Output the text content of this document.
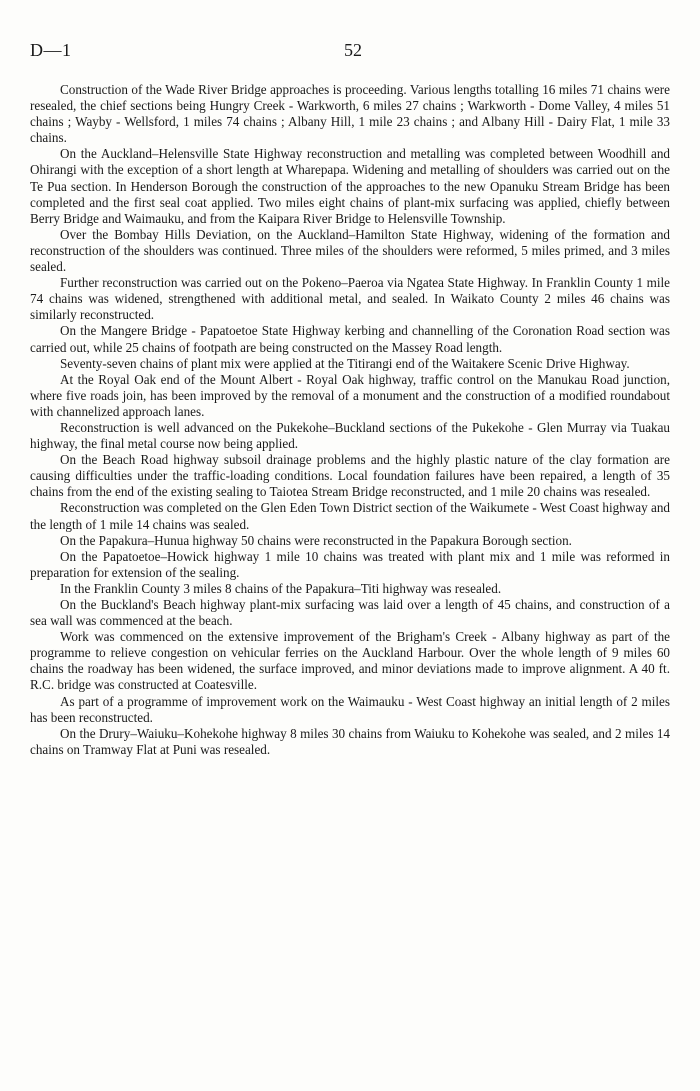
D—1	52

Construction of the Wade River Bridge approaches is proceeding. Various lengths totalling 16 miles 71 chains were resealed, the chief sections being Hungry Creek - Warkworth, 6 miles 27 chains ; Warkworth - Dome Valley, 4 miles 51 chains ; Wayby - Wellsford, 1 miles 74 chains ; Albany Hill, 1 mile 23 chains ; and Albany Hill - Dairy Flat, 1 mile 33 chains.

On the Auckland–Helensville State Highway reconstruction and metalling was completed between Woodhill and Ohirangi with the exception of a short length at Wharepapa. Widening and metalling of shoulders was carried out on the Te Pua section. In Henderson Borough the construction of the approaches to the new Opanuku Stream Bridge has been completed and the first seal coat applied. Two miles eight chains of plant-mix surfacing was applied, chiefly between Berry Bridge and Waimauku, and from the Kaipara River Bridge to Helensville Township.

Over the Bombay Hills Deviation, on the Auckland–Hamilton State Highway, widening of the formation and reconstruction of the shoulders was continued. Three miles of the shoulders were reformed, 5 miles primed, and 3 miles sealed.

Further reconstruction was carried out on the Pokeno–Paeroa via Ngatea State Highway. In Franklin County 1 mile 74 chains was widened, strengthened with additional metal, and sealed. In Waikato County 2 miles 46 chains was similarly reconstructed.

On the Mangere Bridge - Papatoetoe State Highway kerbing and channelling of the Coronation Road section was carried out, while 25 chains of footpath are being constructed on the Massey Road length.

Seventy-seven chains of plant mix were applied at the Titirangi end of the Waitakere Scenic Drive Highway.

At the Royal Oak end of the Mount Albert - Royal Oak highway, traffic control on the Manukau Road junction, where five roads join, has been improved by the removal of a monument and the construction of a modified roundabout with channelized approach lanes.

Reconstruction is well advanced on the Pukekohe–Buckland sections of the Pukekohe - Glen Murray via Tuakau highway, the final metal course now being applied.

On the Beach Road highway subsoil drainage problems and the highly plastic nature of the clay formation are causing difficulties under the traffic-loading conditions. Local foundation failures have been repaired, a length of 35 chains from the end of the existing sealing to Taiotea Stream Bridge reconstructed, and 1 mile 20 chains was resealed.

Reconstruction was completed on the Glen Eden Town District section of the Waikumete - West Coast highway and the length of 1 mile 14 chains was sealed.

On the Papakura–Hunua highway 50 chains were reconstructed in the Papakura Borough section.

On the Papatoetoe–Howick highway 1 mile 10 chains was treated with plant mix and 1 mile was reformed in preparation for extension of the sealing.

In the Franklin County 3 miles 8 chains of the Papakura–Titi highway was resealed.

On the Buckland's Beach highway plant-mix surfacing was laid over a length of 45 chains, and construction of a sea wall was commenced at the beach.

Work was commenced on the extensive improvement of the Brigham's Creek - Albany highway as part of the programme to relieve congestion on vehicular ferries on the Auckland Harbour. Over the whole length of 9 miles 60 chains the roadway has been widened, the surface improved, and minor deviations made to improve alignment. A 40 ft. R.C. bridge was constructed at Coatesville.

As part of a programme of improvement work on the Waimauku - West Coast highway an initial length of 2 miles has been reconstructed.

On the Drury–Waiuku–Kohekohe highway 8 miles 30 chains from Waiuku to Kohekohe was sealed, and 2 miles 14 chains on Tramway Flat at Puni was resealed.
